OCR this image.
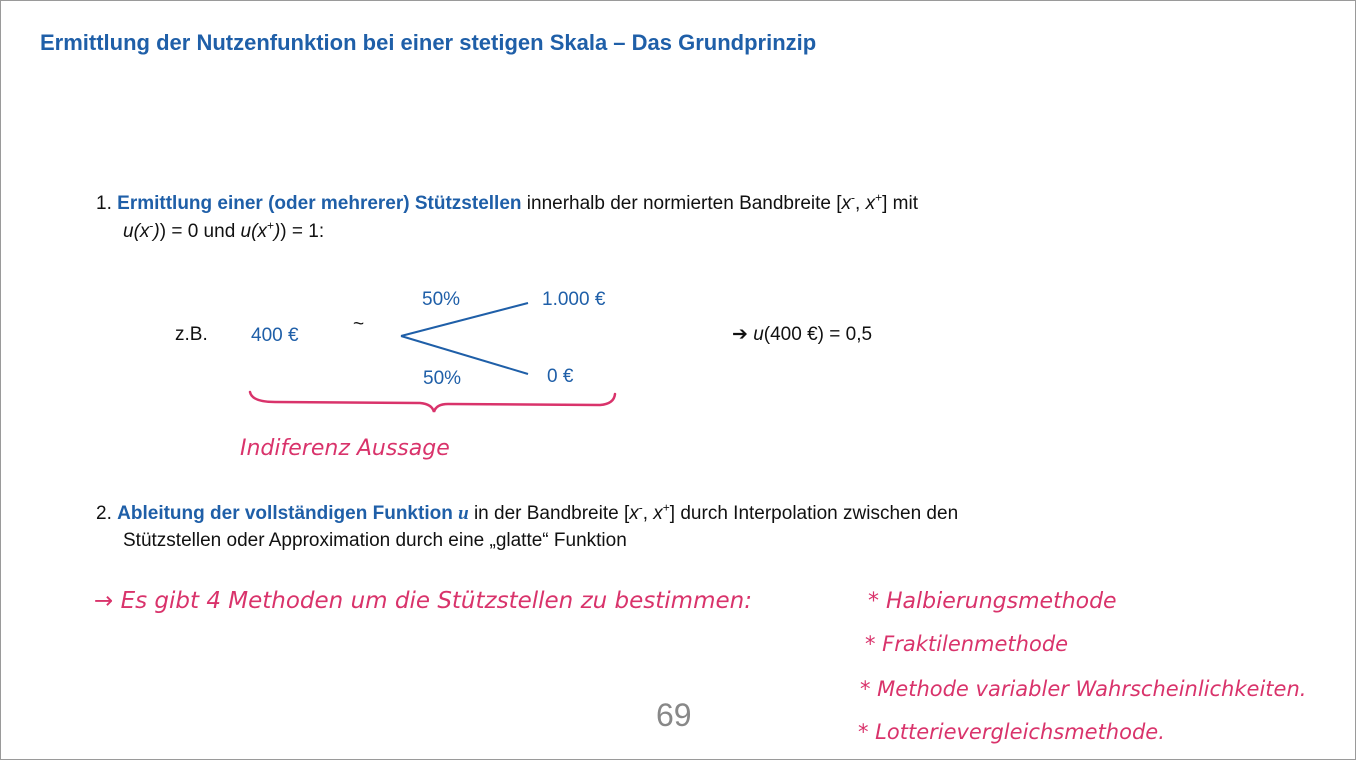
Ermittlung der Nutzenfunktion bei einer stetigen Skala – Das Grundprinzip
1. Ermittlung einer (oder mehrerer) Stützstellen innerhalb der normierten Bandbreite [x-, x+] mit
u(x-)) = 0 und u(x+)) = 1:
z.B. 400 €
~
50%
50%
1.000 €
0 €
➔ u(400 €) = 0,5
Indiferenz Aussage
2. Ableitung der vollständigen Funktion u in der Bandbreite [x-, x+] durch Interpolation zwischen den
Stützstellen oder Approximation durch eine „glatte“ Funktion
→ Es gibt 4 Methoden um die Stützstellen zu bestimmen:	* Halbierungsmethode
* Fraktilenmethode
* Methode variabler Wahrscheinlichkeiten.
* Lotterievergleichsmethode.
69
